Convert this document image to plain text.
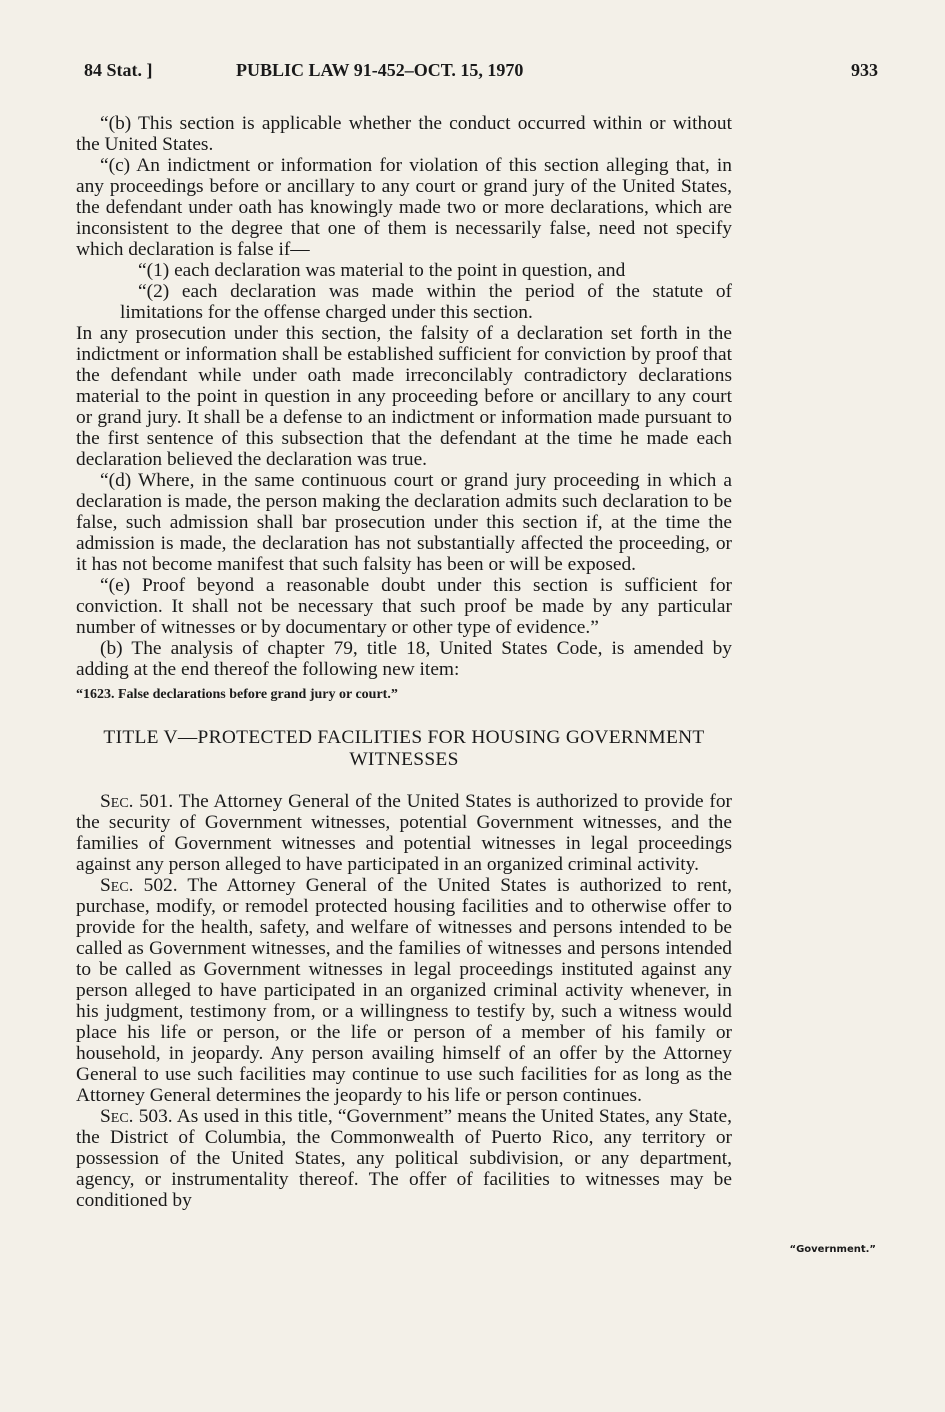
84 Stat. ]	PUBLIC LAW 91-452–OCT. 15, 1970	933

“(b) This section is applicable whether the conduct occurred within or without the United States.

“(c) An indictment or information for violation of this section alleging that, in any proceedings before or ancillary to any court or grand jury of the United States, the defendant under oath has knowingly made two or more declarations, which are inconsistent to the degree that one of them is necessarily false, need not specify which declaration is false if—

“(1) each declaration was material to the point in question, and

“(2) each declaration was made within the period of the statute of limitations for the offense charged under this section.

In any prosecution under this section, the falsity of a declaration set forth in the indictment or information shall be established sufficient for conviction by proof that the defendant while under oath made irreconcilably contradictory declarations material to the point in question in any proceeding before or ancillary to any court or grand jury. It shall be a defense to an indictment or information made pursuant to the first sentence of this subsection that the defendant at the time he made each declaration believed the declaration was true.

“(d) Where, in the same continuous court or grand jury proceeding in which a declaration is made, the person making the declaration admits such declaration to be false, such admission shall bar prosecution under this section if, at the time the admission is made, the declaration has not substantially affected the proceeding, or it has not become manifest that such falsity has been or will be exposed.

“(e) Proof beyond a reasonable doubt under this section is sufficient for conviction. It shall not be necessary that such proof be made by any particular number of witnesses or by documentary or other type of evidence.”

(b) The analysis of chapter 79, title 18, United States Code, is amended by adding at the end thereof the following new item:

“1623. False declarations before grand jury or court.”

TITLE V—PROTECTED FACILITIES FOR HOUSING GOVERNMENT WITNESSES

Sec. 501. The Attorney General of the United States is authorized to provide for the security of Government witnesses, potential Government witnesses, and the families of Government witnesses and potential witnesses in legal proceedings against any person alleged to have participated in an organized criminal activity.

Sec. 502. The Attorney General of the United States is authorized to rent, purchase, modify, or remodel protected housing facilities and to otherwise offer to provide for the health, safety, and welfare of witnesses and persons intended to be called as Government witnesses, and the families of witnesses and persons intended to be called as Government witnesses in legal proceedings instituted against any person alleged to have participated in an organized criminal activity whenever, in his judgment, testimony from, or a willingness to testify by, such a witness would place his life or person, or the life or person of a member of his family or household, in jeopardy. Any person availing himself of an offer by the Attorney General to use such facilities may continue to use such facilities for as long as the Attorney General determines the jeopardy to his life or person continues.

Sec. 503. As used in this title, “Government” means the United States, any State, the District of Columbia, the Commonwealth of Puerto Rico, any territory or possession of the United States, any political subdivision, or any department, agency, or instrumentality thereof. The offer of facilities to witnesses may be conditioned by

“Government.”
